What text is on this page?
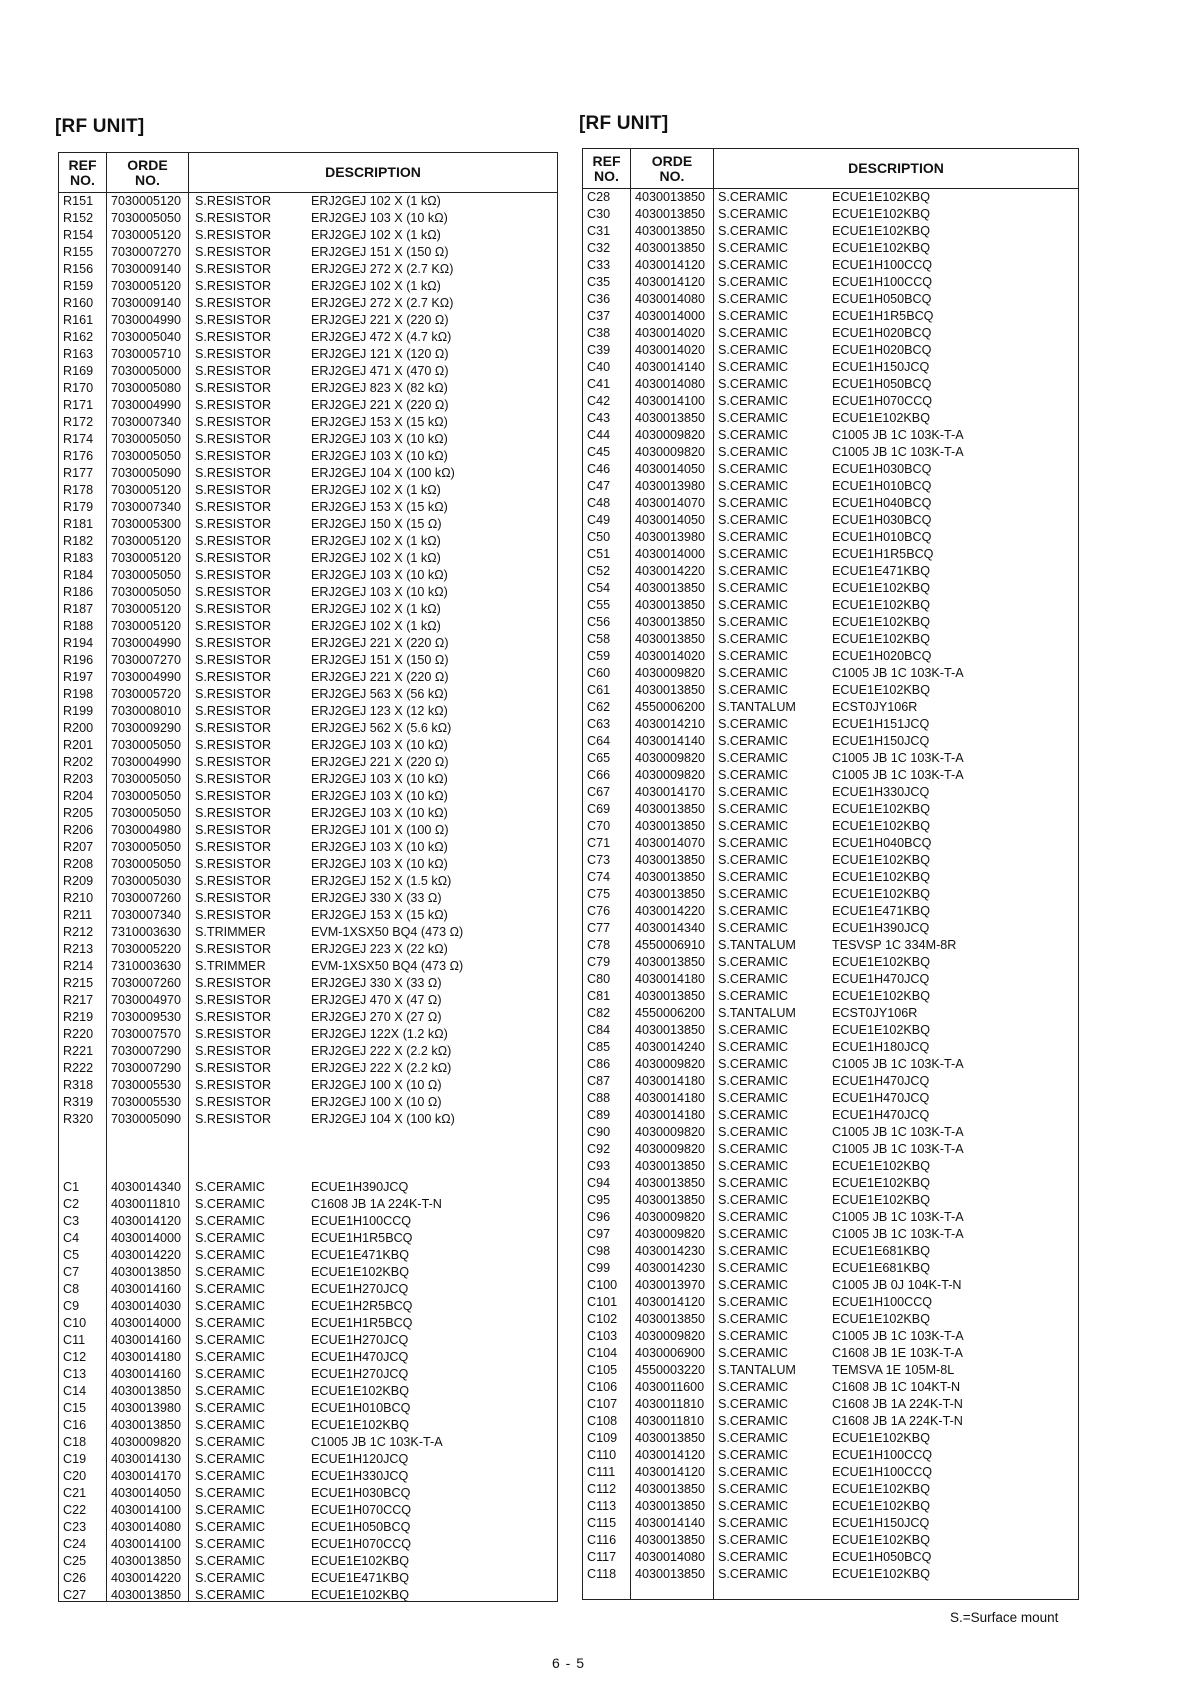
[RF UNIT]
REF
NO.
ORDE
NO.	DESCRIPTION
R151 7030005120 S.RESISTOR	ERJ2GEJ 102 X (1 kΩ)
R152 7030005050 S.RESISTOR	ERJ2GEJ 103 X (10 kΩ)
R154 7030005120 S.RESISTOR	ERJ2GEJ 102 X (1 kΩ)
R155 7030007270 S.RESISTOR	ERJ2GEJ 151 X (150 Ω)
R156 7030009140 S.RESISTOR	ERJ2GEJ 272 X (2.7 KΩ)
R159 7030005120 S.RESISTOR	ERJ2GEJ 102 X (1 kΩ)
R160 7030009140 S.RESISTOR	ERJ2GEJ 272 X (2.7 KΩ)
R161 7030004990 S.RESISTOR	ERJ2GEJ 221 X (220 Ω)
R162 7030005040 S.RESISTOR	ERJ2GEJ 472 X (4.7 kΩ)
R163 7030005710 S.RESISTOR	ERJ2GEJ 121 X (120 Ω)
R169 7030005000 S.RESISTOR	ERJ2GEJ 471 X (470 Ω)
R170 7030005080 S.RESISTOR	ERJ2GEJ 823 X (82 kΩ)
R171 7030004990 S.RESISTOR	ERJ2GEJ 221 X (220 Ω)
R172 7030007340 S.RESISTOR	ERJ2GEJ 153 X (15 kΩ)
R174 7030005050 S.RESISTOR	ERJ2GEJ 103 X (10 kΩ)
R176 7030005050 S.RESISTOR	ERJ2GEJ 103 X (10 kΩ)
R177 7030005090 S.RESISTOR	ERJ2GEJ 104 X (100 kΩ)
R178 7030005120 S.RESISTOR	ERJ2GEJ 102 X (1 kΩ)
R179 7030007340 S.RESISTOR	ERJ2GEJ 153 X (15 kΩ)
R181 7030005300 S.RESISTOR	ERJ2GEJ 150 X (15 Ω)
R182 7030005120 S.RESISTOR	ERJ2GEJ 102 X (1 kΩ)
R183 7030005120 S.RESISTOR	ERJ2GEJ 102 X (1 kΩ)
R184 7030005050 S.RESISTOR	ERJ2GEJ 103 X (10 kΩ)
R186 7030005050 S.RESISTOR	ERJ2GEJ 103 X (10 kΩ)
R187 7030005120 S.RESISTOR	ERJ2GEJ 102 X (1 kΩ)
R188 7030005120 S.RESISTOR	ERJ2GEJ 102 X (1 kΩ)
R194 7030004990 S.RESISTOR	ERJ2GEJ 221 X (220 Ω)
R196 7030007270 S.RESISTOR	ERJ2GEJ 151 X (150 Ω)
R197 7030004990 S.RESISTOR	ERJ2GEJ 221 X (220 Ω)
R198 7030005720 S.RESISTOR	ERJ2GEJ 563 X (56 kΩ)
R199 7030008010 S.RESISTOR	ERJ2GEJ 123 X (12 kΩ)
R200 7030009290 S.RESISTOR	ERJ2GEJ 562 X (5.6 kΩ)
R201 7030005050 S.RESISTOR	ERJ2GEJ 103 X (10 kΩ)
R202 7030004990 S.RESISTOR	ERJ2GEJ 221 X (220 Ω)
R203 7030005050 S.RESISTOR	ERJ2GEJ 103 X (10 kΩ)
R204 7030005050 S.RESISTOR	ERJ2GEJ 103 X (10 kΩ)
R205 7030005050 S.RESISTOR	ERJ2GEJ 103 X (10 kΩ)
R206 7030004980 S.RESISTOR	ERJ2GEJ 101 X (100 Ω)
R207 7030005050 S.RESISTOR	ERJ2GEJ 103 X (10 kΩ)
R208 7030005050 S.RESISTOR	ERJ2GEJ 103 X (10 kΩ)
R209 7030005030 S.RESISTOR	ERJ2GEJ 152 X (1.5 kΩ)
R210 7030007260 S.RESISTOR	ERJ2GEJ 330 X (33 Ω)
R211 7030007340 S.RESISTOR	ERJ2GEJ 153 X (15 kΩ)
R212 7310003630 S.TRIMMER	EVM-1XSX50 BQ4 (473 Ω)
R213 7030005220 S.RESISTOR	ERJ2GEJ 223 X (22 kΩ)
R214 7310003630 S.TRIMMER	EVM-1XSX50 BQ4 (473 Ω)
R215 7030007260 S.RESISTOR	ERJ2GEJ 330 X (33 Ω)
R217 7030004970 S.RESISTOR	ERJ2GEJ 470 X (47 Ω)
R219 7030009530 S.RESISTOR	ERJ2GEJ 270 X (27 Ω)
R220 7030007570 S.RESISTOR	ERJ2GEJ 122X (1.2 kΩ)
R221 7030007290 S.RESISTOR	ERJ2GEJ 222 X (2.2 kΩ)
R222 7030007290 S.RESISTOR	ERJ2GEJ 222 X (2.2 kΩ)
R318 7030005530 S.RESISTOR	ERJ2GEJ 100 X (10 Ω)
R319 7030005530 S.RESISTOR	ERJ2GEJ 100 X (10 Ω)
R320 7030005090 S.RESISTOR	ERJ2GEJ 104 X (100 kΩ)
C1	4030014340 S.CERAMIC	ECUE1H390JCQ
C2	4030011810 S.CERAMIC	C1608 JB 1A 224K-T-N
C3	4030014120 S.CERAMIC	ECUE1H100CCQ
C4	4030014000 S.CERAMIC	ECUE1H1R5BCQ
C5	4030014220 S.CERAMIC	ECUE1E471KBQ
C7	4030013850 S.CERAMIC	ECUE1E102KBQ
C8	4030014160 S.CERAMIC	ECUE1H270JCQ
C9	4030014030 S.CERAMIC	ECUE1H2R5BCQ
C10 4030014000 S.CERAMIC	ECUE1H1R5BCQ
C11 4030014160 S.CERAMIC	ECUE1H270JCQ
C12 4030014180 S.CERAMIC	ECUE1H470JCQ
C13 4030014160 S.CERAMIC	ECUE1H270JCQ
C14 4030013850 S.CERAMIC	ECUE1E102KBQ
C15 4030013980 S.CERAMIC	ECUE1H010BCQ
C16 4030013850 S.CERAMIC	ECUE1E102KBQ
C18 4030009820 S.CERAMIC	C1005 JB 1C 103K-T-A
C19 4030014130 S.CERAMIC	ECUE1H120JCQ
C20 4030014170 S.CERAMIC	ECUE1H330JCQ
C21 4030014050 S.CERAMIC	ECUE1H030BCQ
C22 4030014100 S.CERAMIC	ECUE1H070CCQ
C23 4030014080 S.CERAMIC	ECUE1H050BCQ
C24 4030014100 S.CERAMIC	ECUE1H070CCQ
C25 4030013850 S.CERAMIC	ECUE1E102KBQ
C26 4030014220 S.CERAMIC	ECUE1E471KBQ
C27 4030013850 S.CERAMIC	ECUE1E102KBQ
[RF UNIT]
REF
NO.
ORDE
NO.	DESCRIPTION
C28 4030013850 S.CERAMIC	ECUE1E102KBQ
C30 4030013850 S.CERAMIC	ECUE1E102KBQ
C31 4030013850 S.CERAMIC	ECUE1E102KBQ
C32 4030013850 S.CERAMIC	ECUE1E102KBQ
C33 4030014120 S.CERAMIC	ECUE1H100CCQ
C35 4030014120 S.CERAMIC	ECUE1H100CCQ
C36 4030014080 S.CERAMIC	ECUE1H050BCQ
C37 4030014000 S.CERAMIC	ECUE1H1R5BCQ
C38 4030014020 S.CERAMIC	ECUE1H020BCQ
C39 4030014020 S.CERAMIC	ECUE1H020BCQ
C40 4030014140 S.CERAMIC	ECUE1H150JCQ
C41 4030014080 S.CERAMIC	ECUE1H050BCQ
C42 4030014100 S.CERAMIC	ECUE1H070CCQ
C43 4030013850 S.CERAMIC	ECUE1E102KBQ
C44 4030009820 S.CERAMIC	C1005 JB 1C 103K-T-A
C45 4030009820 S.CERAMIC	C1005 JB 1C 103K-T-A
C46 4030014050 S.CERAMIC	ECUE1H030BCQ
C47 4030013980 S.CERAMIC	ECUE1H010BCQ
C48 4030014070 S.CERAMIC	ECUE1H040BCQ
C49 4030014050 S.CERAMIC	ECUE1H030BCQ
C50 4030013980 S.CERAMIC	ECUE1H010BCQ
C51 4030014000 S.CERAMIC	ECUE1H1R5BCQ
C52 4030014220 S.CERAMIC	ECUE1E471KBQ
C54 4030013850 S.CERAMIC	ECUE1E102KBQ
C55 4030013850 S.CERAMIC	ECUE1E102KBQ
C56 4030013850 S.CERAMIC	ECUE1E102KBQ
C58 4030013850 S.CERAMIC	ECUE1E102KBQ
C59 4030014020 S.CERAMIC	ECUE1H020BCQ
C60 4030009820 S.CERAMIC	C1005 JB 1C 103K-T-A
C61 4030013850 S.CERAMIC	ECUE1E102KBQ
C62 4550006200 S.TANTALUM	ECST0JY106R
C63 4030014210 S.CERAMIC	ECUE1H151JCQ
C64 4030014140 S.CERAMIC	ECUE1H150JCQ
C65 4030009820 S.CERAMIC	C1005 JB 1C 103K-T-A
C66 4030009820 S.CERAMIC	C1005 JB 1C 103K-T-A
C67 4030014170 S.CERAMIC	ECUE1H330JCQ
C69 4030013850 S.CERAMIC	ECUE1E102KBQ
C70 4030013850 S.CERAMIC	ECUE1E102KBQ
C71 4030014070 S.CERAMIC	ECUE1H040BCQ
C73 4030013850 S.CERAMIC	ECUE1E102KBQ
C74 4030013850 S.CERAMIC	ECUE1E102KBQ
C75 4030013850 S.CERAMIC	ECUE1E102KBQ
C76 4030014220 S.CERAMIC	ECUE1E471KBQ
C77 4030014340 S.CERAMIC	ECUE1H390JCQ
C78 4550006910 S.TANTALUM	TESVSP 1C 334M-8R
C79 4030013850 S.CERAMIC	ECUE1E102KBQ
C80 4030014180 S.CERAMIC	ECUE1H470JCQ
C81 4030013850 S.CERAMIC	ECUE1E102KBQ
C82 4550006200 S.TANTALUM	ECST0JY106R
C84 4030013850 S.CERAMIC	ECUE1E102KBQ
C85 4030014240 S.CERAMIC	ECUE1H180JCQ
C86 4030009820 S.CERAMIC	C1005 JB 1C 103K-T-A
C87 4030014180 S.CERAMIC	ECUE1H470JCQ
C88 4030014180 S.CERAMIC	ECUE1H470JCQ
C89 4030014180 S.CERAMIC	ECUE1H470JCQ
C90 4030009820 S.CERAMIC	C1005 JB 1C 103K-T-A
C92 4030009820 S.CERAMIC	C1005 JB 1C 103K-T-A
C93 4030013850 S.CERAMIC	ECUE1E102KBQ
C94 4030013850 S.CERAMIC	ECUE1E102KBQ
C95 4030013850 S.CERAMIC	ECUE1E102KBQ
C96 4030009820 S.CERAMIC	C1005 JB 1C 103K-T-A
C97 4030009820 S.CERAMIC	C1005 JB 1C 103K-T-A
C98 4030014230 S.CERAMIC	ECUE1E681KBQ
C99 4030014230 S.CERAMIC	ECUE1E681KBQ
C100 4030013970 S.CERAMIC	C1005 JB 0J 104K-T-N
C101 4030014120 S.CERAMIC	ECUE1H100CCQ
C102 4030013850 S.CERAMIC	ECUE1E102KBQ
C103 4030009820 S.CERAMIC	C1005 JB 1C 103K-T-A
C104 4030006900 S.CERAMIC	C1608 JB 1E 103K-T-A
C105 4550003220 S.TANTALUM	TEMSVA 1E 105M-8L
C106 4030011600 S.CERAMIC	C1608 JB 1C 104KT-N
C107 4030011810 S.CERAMIC	C1608 JB 1A 224K-T-N
C108 4030011810 S.CERAMIC	C1608 JB 1A 224K-T-N
C109 4030013850 S.CERAMIC	ECUE1E102KBQ
C110 4030014120 S.CERAMIC	ECUE1H100CCQ
C111 4030014120 S.CERAMIC	ECUE1H100CCQ
C112 4030013850 S.CERAMIC	ECUE1E102KBQ
C113 4030013850 S.CERAMIC	ECUE1E102KBQ
C115 4030014140 S.CERAMIC	ECUE1H150JCQ
C116 4030013850 S.CERAMIC	ECUE1E102KBQ
C117 4030014080 S.CERAMIC	ECUE1H050BCQ
C118 4030013850 S.CERAMIC	ECUE1E102KBQ
S.=Surface mount
6 - 5
